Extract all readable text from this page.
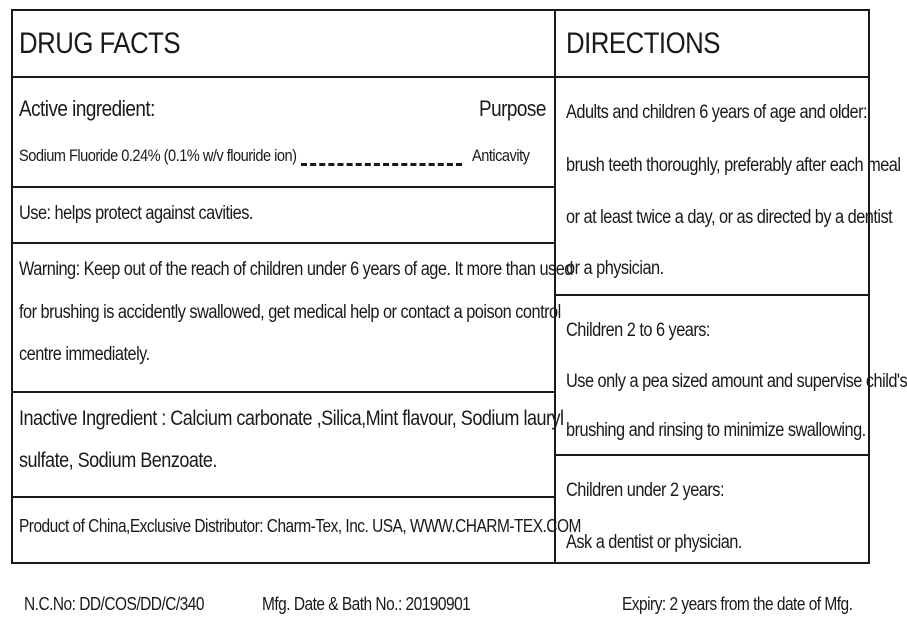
DRUG FACTS
Active ingredient:	Purpose
Sodium Fluoride 0.24% (0.1% w/v flouride ion)	Anticavity
Use: helps protect against cavities.
Warning: Keep out of the reach of children under 6 years of age. It more than used
for brushing is accidently swallowed, get medical help or contact a poison control
centre immediately.
Inactive Ingredient : Calcium carbonate ,Silica,Mint flavour, Sodium lauryl
sulfate, Sodium Benzoate.
Product of China,Exclusive Distributor: Charm-Tex, Inc. USA, WWW.CHARM-TEX.COM
DIRECTIONS
Adults and children 6 years of age and older:
brush teeth thoroughly, preferably after each meal
or at least twice a day, or as directed by a dentist
or a physician.
Children 2 to 6 years:
Use only a pea sized amount and supervise child's
brushing and rinsing to minimize swallowing.
Children under 2 years:
Ask a dentist or physician.
N.C.No: DD/COS/DD/C/340	Mfg. Date & Bath No.: 20190901	Expiry: 2 years from the date of Mfg.
